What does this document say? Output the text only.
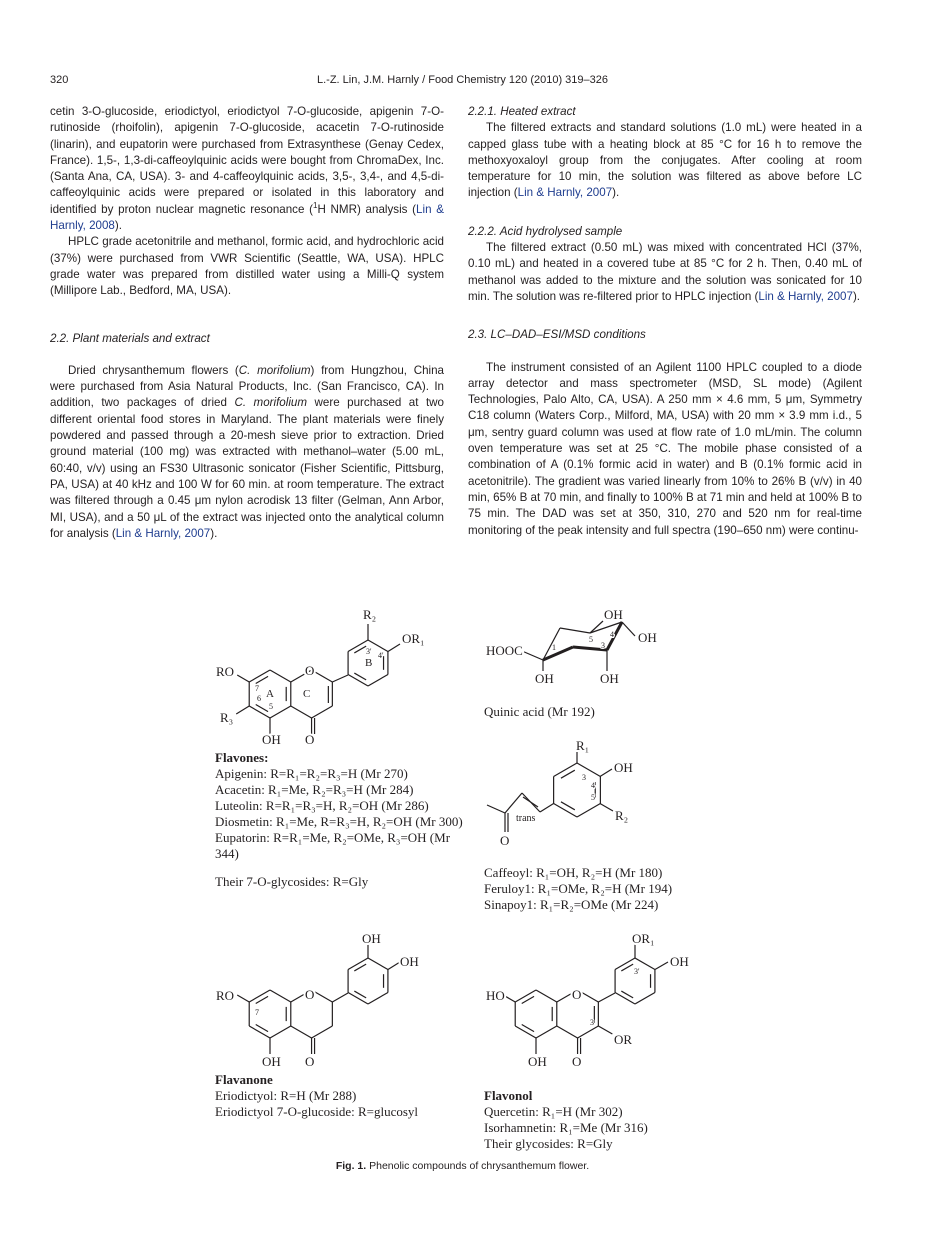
320	L.-Z. Lin, J.M. Harnly / Food Chemistry 120 (2010) 319–326

cetin 3-O-glucoside, eriodictyol, eriodictyol 7-O-glucoside, apigenin 7-O-rutinoside (rhoifolin), apigenin 7-O-glucoside, acacetin 7-O-rutinoside (linarin), and eupatorin were purchased from Extrasynthese (Genay Cedex, France). 1,5-, 1,3-di-caffeoylquinic acids were bought from ChromaDex, Inc. (Santa Ana, CA, USA). 3- and 4-caffeoylquinic acids, 3,5-, 3,4-, and 4,5-di-caffeoylquinic acids were prepared or isolated in this laboratory and identified by proton nuclear magnetic resonance ($^1$H NMR) analysis (Lin & Harnly, 2008).

HPLC grade acetonitrile and methanol, formic acid, and hydrochloric acid (37%) were purchased from VWR Scientific (Seattle, WA, USA). HPLC grade water was prepared from distilled water using a Milli-Q system (Millipore Lab., Bedford, MA, USA).

2.2. Plant materials and extract

Dried chrysanthemum flowers (C. morifolium) from Hungzhou, China were purchased from Asia Natural Products, Inc. (San Francisco, CA). In addition, two packages of dried C. morifolium were purchased at two different oriental food stores in Maryland. The plant materials were finely powdered and passed through a 20-mesh sieve prior to extraction. Dried ground material (100 mg) was extracted with methanol–water (5.00 mL, 60:40, v/v) using an FS30 Ultrasonic sonicator (Fisher Scientific, Pittsburg, PA, USA) at 40 kHz and 100 W for 60 min. at room temperature. The extract was filtered through a 0.45 μm nylon acrodisk 13 filter (Gelman, Ann Arbor, MI, USA), and a 50 μL of the extract was injected onto the analytical column for analysis (Lin & Harnly, 2007).

2.2.1. Heated extract

The filtered extracts and standard solutions (1.0 mL) were heated in a capped glass tube with a heating block at 85 °C for 16 h to remove the methoxyoxaloyl group from the conjugates. After cooling at room temperature for 10 min, the solution was filtered as above before LC injection (Lin & Harnly, 2007).

2.2.2. Acid hydrolysed sample

The filtered extract (0.50 mL) was mixed with concentrated HCl (37%, 0.10 mL) and heated in a covered tube at 85 °C for 2 h. Then, 0.40 mL of methanol was added to the mixture and the solution was sonicated for 10 min. The solution was re-filtered prior to HPLC injection (Lin & Harnly, 2007).

2.3. LC–DAD–ESI/MSD conditions

The instrument consisted of an Agilent 1100 HPLC coupled to a diode array detector and mass spectrometer (MSD, SL mode) (Agilent Technologies, Palo Alto, CA, USA). A 250 mm × 4.6 mm, 5 μm, Symmetry C18 column (Waters Corp., Milford, MA, USA) with 20 mm × 3.9 mm i.d., 5 μm, sentry guard column was used at flow rate of 1.0 mL/min. The column oven temperature was set at 25 °C. The mobile phase consisted of a combination of A (0.1% formic acid in water) and B (0.1% formic acid in acetonitrile). The gradient was varied linearly from 10% to 26% B (v/v) in 40 min, 65% B at 70 min, and finally to 100% B at 71 min and held at 100% B to 75 min. The DAD was set at 350, 310, 270 and 520 nm for real-time monitoring of the peak intensity and full spectra (190–650 nm) were continu-

RO
R₃
OH
O
O
R₂
OR₁
7
6
5
A	C
B
3' 4'	HOOC
OH
OH
OH	OH
1	3
4
5
R₁
OH
R₂
O
trans
3
4
5
RO
OH
O
O
OH
OH
7
HO
OH
O
O
OR
OR₁
OH
3
3'
Flavones:
Apigenin: R=R₁=R₂=R₃=H (Mr 270)
Acacetin: R₁=Me, R₂=R₃=H (Mr 284)
Luteolin: R=R₁=R₃=H, R₂=OH (Mr 286)
Diosmetin: R₁=Me, R=R₃=H, R₂=OH (Mr 300)
Eupatorin: R=R₁=Me, R₂=OMe, R₃=OH (Mr
344)
Their 7-O-glycosides: R=Gly
Quinic acid (Mr 192)
Caffeoyl: R₁=OH, R₂=H (Mr 180)
Feruloy1: R₁=OMe, R₂=H (Mr 194)
Sinapoy1: R₁=R₂=OMe (Mr 224)
Flavanone
Eriodictyol: R=H (Mr 288)
Eriodictyol 7-O-glucoside: R=glucosyl
Flavonol
Quercetin: R₁=H (Mr 302)
Isorhamnetin: R₁=Me (Mr 316)
Their glycosides: R=Gly
Fig. 1. Phenolic compounds of chrysanthemum flower.
